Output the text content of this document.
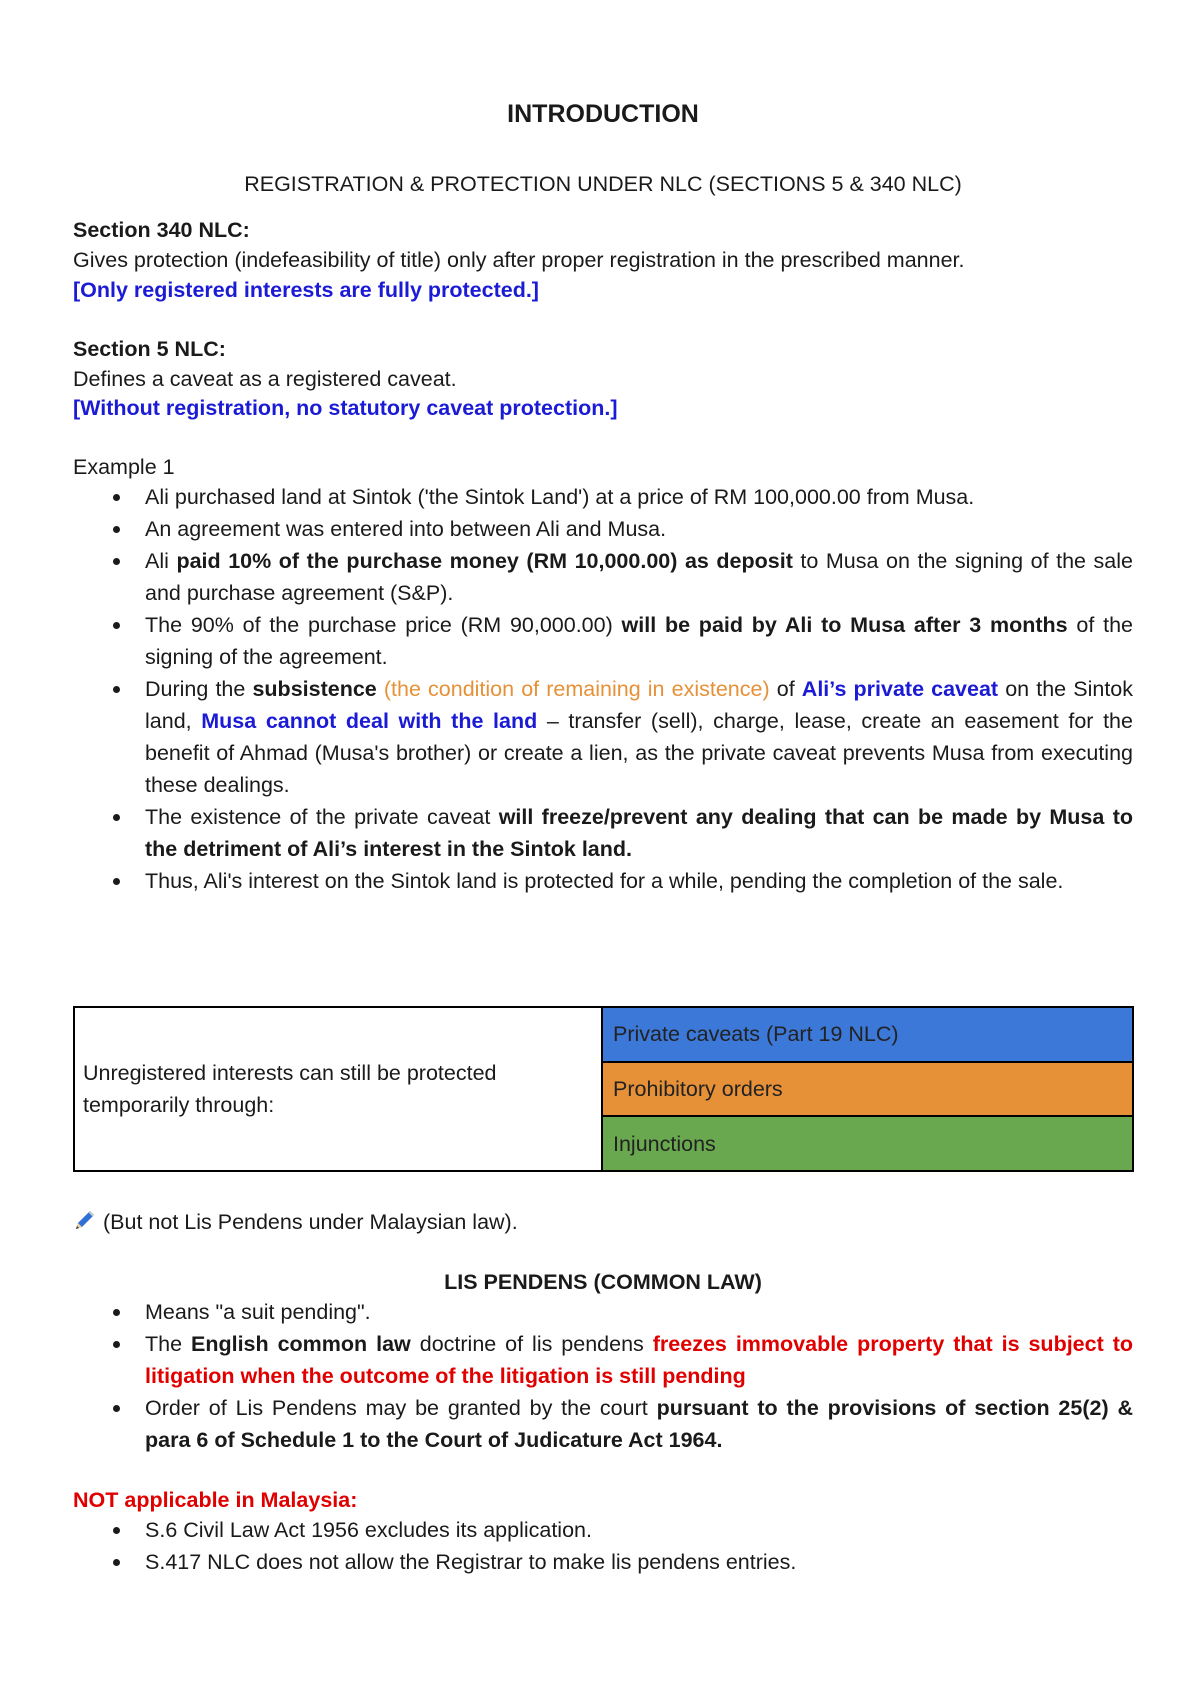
INTRODUCTION

REGISTRATION & PROTECTION UNDER NLC (SECTIONS 5 & 340 NLC)

Section 340 NLC:

Gives protection (indefeasibility of title) only after proper registration in the prescribed manner.

[Only registered interests are fully protected.]

Section 5 NLC:

Defines a caveat as a registered caveat.

[Without registration, no statutory caveat protection.]

Example 1

Ali purchased land at Sintok ('the Sintok Land') at a price of RM 100,000.00 from Musa.
An agreement was entered into between Ali and Musa.
Ali paid 10% of the purchase money (RM 10,000.00) as deposit to Musa on the signing of the sale and purchase agreement (S&P).
The 90% of the purchase price (RM 90,000.00) will be paid by Ali to Musa after 3 months of the signing of the agreement.
During the subsistence (the condition of remaining in existence) of Ali’s private caveat on the Sintok land, Musa cannot deal with the land – transfer (sell), charge, lease, create an easement for the benefit of Ahmad (Musa's brother) or create a lien, as the private caveat prevents Musa from executing these dealings.
The existence of the private caveat will freeze/prevent any dealing that can be made by Musa to the detriment of Ali’s interest in the Sintok land.
Thus, Ali's interest on the Sintok land is protected for a while, pending the completion of the sale.
Unregistered interests can still be protected temporarily through:	Private caveats (Part 19 NLC)
Prohibitory orders
Injunctions

(But not Lis Pendens under Malaysian law).

LIS PENDENS (COMMON LAW)

Means "a suit pending".
The English common law doctrine of lis pendens freezes immovable property that is subject to litigation when the outcome of the litigation is still pending
Order of Lis Pendens may be granted by the court pursuant to the provisions of section 25(2) & para 6 of Schedule 1 to the Court of Judicature Act 1964.

NOT applicable in Malaysia:

S.6 Civil Law Act 1956 excludes its application.
S.417 NLC does not allow the Registrar to make lis pendens entries.
